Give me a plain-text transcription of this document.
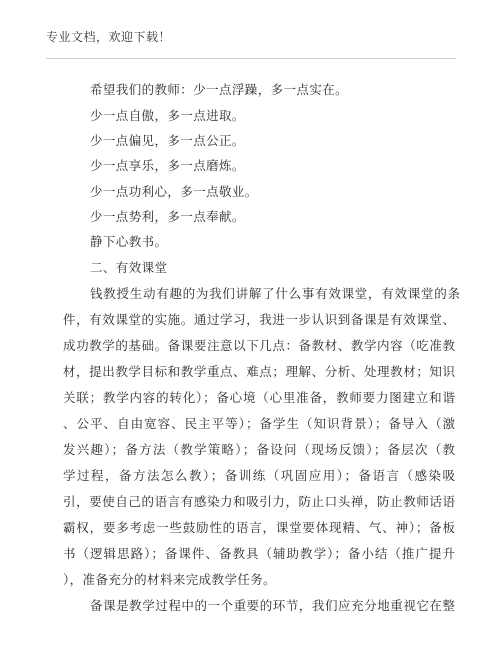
专业文档，欢迎下载！
希望我们的教师：少一点浮躁，多一点实在。
少一点自傲，多一点进取。
少一点偏见，多一点公正。
少一点享乐，多一点磨炼。
少一点功利心，多一点敬业。
少一点势利，多一点奉献。
静下心教书。
二、有效课堂
钱教授生动有趣的为我们讲解了什么事有效课堂，有效课堂的条
件，有效课堂的实施。通过学习，我进一步认识到备课是有效课堂、
成功教学的基础。备课要注意以下几点：备教材、教学内容（吃准教
材，提出教学目标和教学重点、难点；理解、分析、处理教材；知识
关联；教学内容的转化）；备心境（心里准备，教师要力图建立和谐
、公平、自由宽容、民主平等）；备学生（知识背景）；备导入（激
发兴趣）；备方法（教学策略）；备设问（现场反馈）；备层次（教
学过程，备方法怎么教）；备训练（巩固应用）；备语言（感染吸
引，要使自己的语言有感染力和吸引力，防止口头禅，防止教师话语
霸权，要多考虑一些鼓励性的语言，课堂要体现精、气、神）；备板
书（逻辑思路）；备课件、备教具（辅助教学）；备小结（推广提升
），准备充分的材料来完成教学任务。
备课是教学过程中的一个重要的环节，我们应充分地重视它在整
